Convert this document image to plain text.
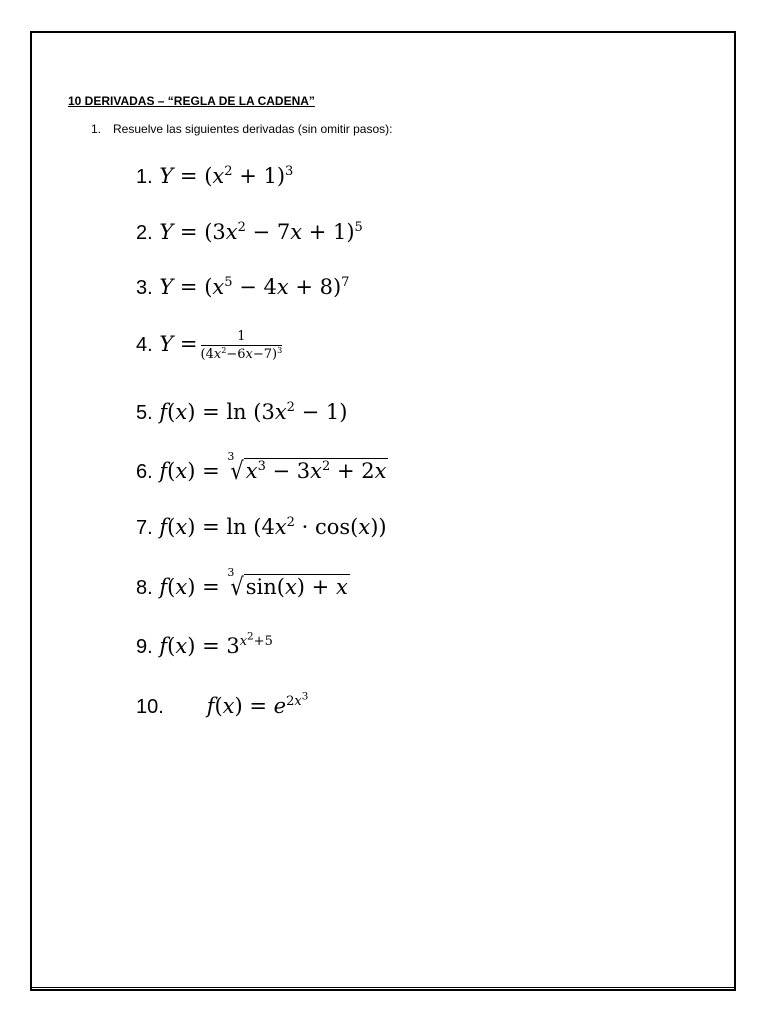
10 DERIVADAS – “REGLA DE LA CADENA”
1. Resuelve las siguientes derivadas (sin omitir pasos):
1. $Y = (x^2 + 1)^3$
2. $Y = (3x^2 - 7x + 1)^5$
3. $Y = (x^5 - 4x + 8)^7$
4. $Y = \frac{1}{(4x^2-6x-7)^3}$
5. $f(x) = \ln (3x^2 - 1)$
6. f(x) =
3
$√x^3 - 3x^2 + 2x$
7. $f(x) = \ln (4x^2 \cdot \cos(x))$
8. f(x) =
3
√sin(x) + x
9. $f(x) = 3^{x^2+5}$
10. $f(x) = e^{2x^3}$
